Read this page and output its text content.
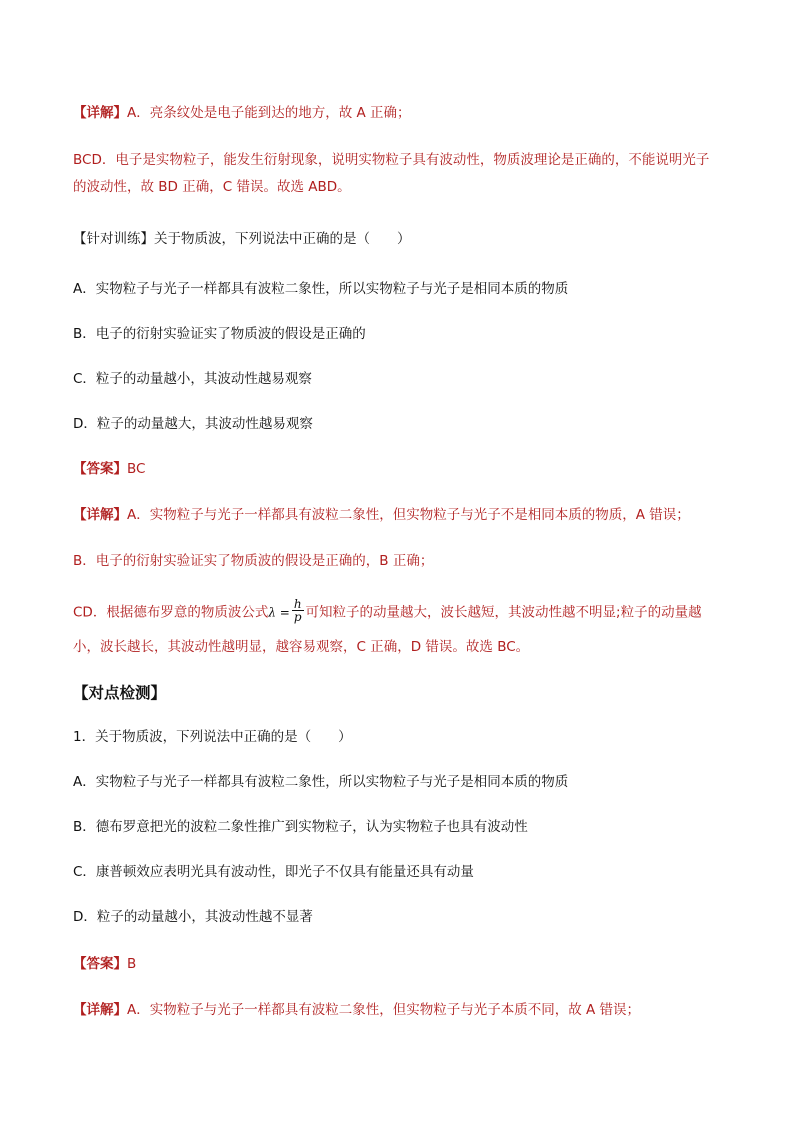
【详解】A．亮条纹处是电子能到达的地方，故 A 正确；
BCD．电子是实物粒子，能发生衍射现象，说明实物粒子具有波动性，物质波理论是正确的，不能说明光子
的波动性，故 BD 正确，C 错误。故选 ABD。
【针对训练】关于物质波，下列说法中正确的是（　　）
A．实物粒子与光子一样都具有波粒二象性，所以实物粒子与光子是相同本质的物质
B．电子的衍射实验证实了物质波的假设是正确的
C．粒子的动量越小，其波动性越易观察
D．粒子的动量越大，其波动性越易观察
【答案】BC
【详解】A．实物粒子与光子一样都具有波粒二象性，但实物粒子与光子不是相同本质的物质，A 错误；
B．电子的衍射实验证实了物质波的假设是正确的，B 正确；
CD．根据德布罗意的物质波公式$\lambda = \frac{h}{p}$ 可知粒子的动量越大，波长越短，其波动性越不明显;粒子的动量越
小，波长越长，其波动性越明显，越容易观察，C 正确，D 错误。故选 BC。
【对点检测】
1．关于物质波，下列说法中正确的是（　　）
A．实物粒子与光子一样都具有波粒二象性，所以实物粒子与光子是相同本质的物质
B．德布罗意把光的波粒二象性推广到实物粒子，认为实物粒子也具有波动性
C．康普顿效应表明光具有波动性，即光子不仅具有能量还具有动量
D．粒子的动量越小，其波动性越不显著
【答案】B
【详解】A．实物粒子与光子一样都具有波粒二象性，但实物粒子与光子本质不同，故 A 错误；
